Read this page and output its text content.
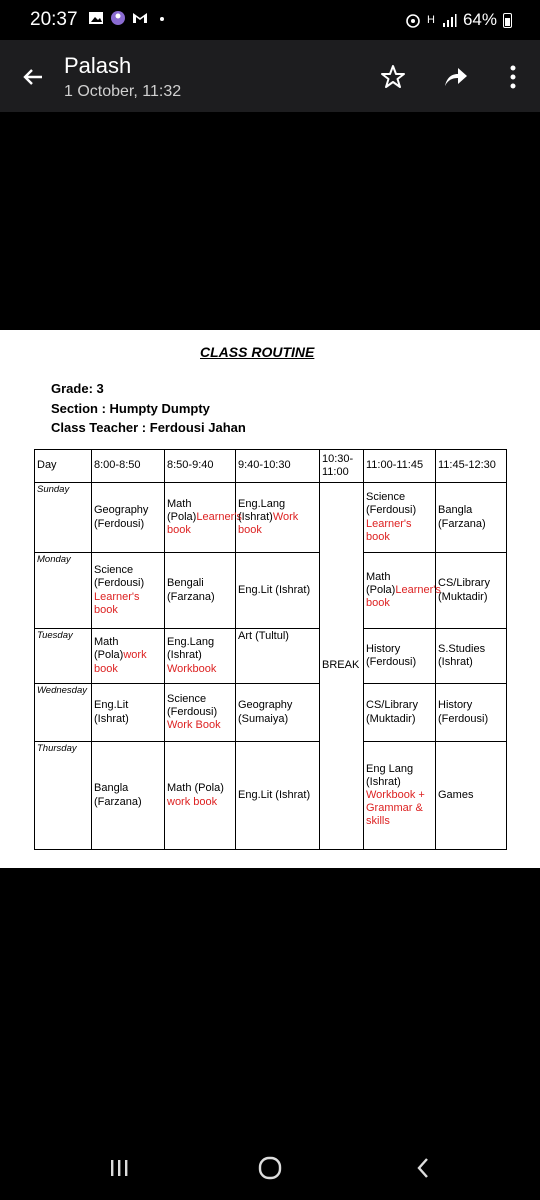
20:37	H 64%
Palash
1 October, 11:32
CLASS ROUTINE
Grade: 3
Section : Humpty Dumpty
Class Teacher : Ferdousi Jahan
Day	8:00-8:50	8:50-9:40	9:40-10:30	10:30- 11:00	11:00-11:45	11:45-12:30
Sunday	Geography (Ferdousi)	Math (Pola)Learner's book	Eng.Lang (Ishrat)Work book	BREAK	Science (Ferdousi) Learner's book	Bangla (Farzana)
Monday	Science (Ferdousi) Learner's book	Bengali (Farzana)	Eng.Lit (Ishrat)		Math (Pola)Learner's book	CS/Library (Muktadir)
Tuesday	Math (Pola)work book	Eng.Lang (Ishrat) Workbook	Art (Tultul)		History (Ferdousi)	S.Studies (Ishrat)
Wednesday	Eng.Lit (Ishrat)	Science (Ferdousi) Work Book	Geography (Sumaiya)		CS/Library (Muktadir)	History (Ferdousi)
Thursday	Bangla (Farzana)	Math (Pola) work book	Eng.Lit (Ishrat)		Eng Lang (Ishrat) Workbook + Grammar & skills	Games
